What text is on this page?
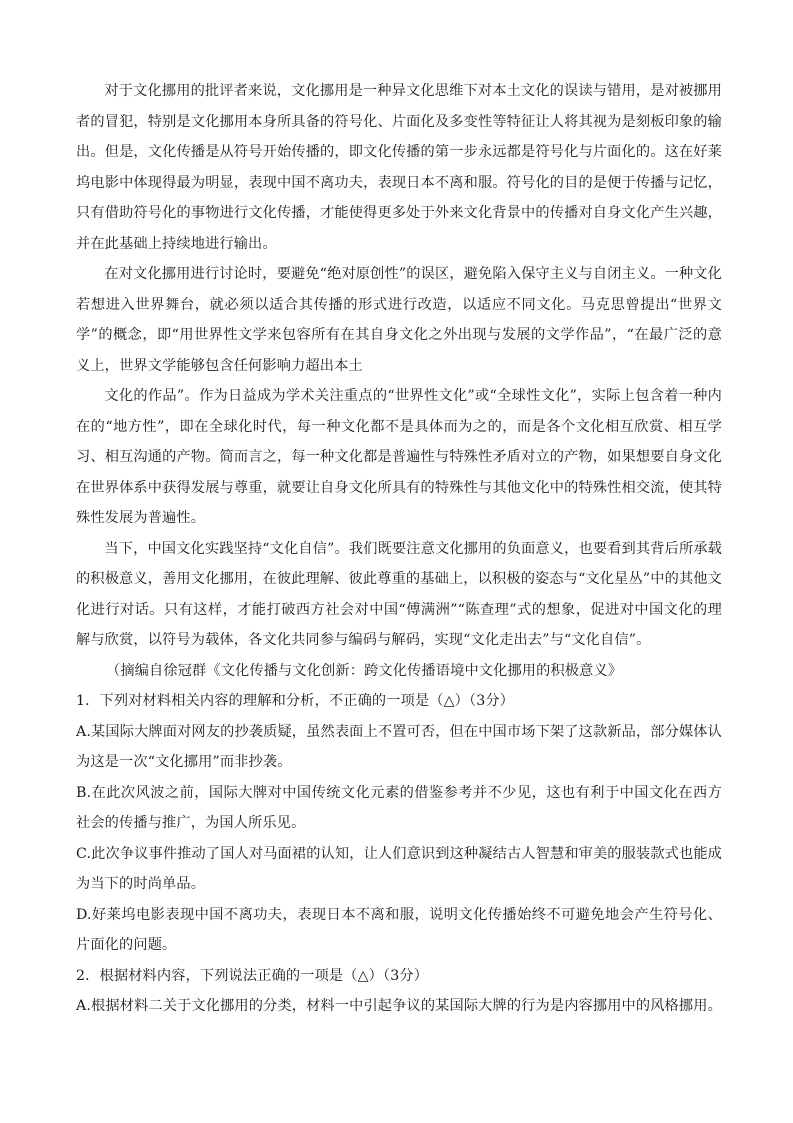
对于文化挪用的批评者来说，文化挪用是一种异文化思维下对本土文化的误读与错用，是对被挪用者的冒犯，特别是文化挪用本身所具备的符号化、片面化及多变性等特征让人将其视为是刻板印象的输出。但是，文化传播是从符号开始传播的，即文化传播的第一步永远都是符号化与片面化的。这在好莱坞电影中体现得最为明显，表现中国不离功夫，表现日本不离和服。符号化的目的是便于传播与记忆，只有借助符号化的事物进行文化传播，才能使得更多处于外来文化背景中的传播对自身文化产生兴趣，并在此基础上持续地进行输出。

在对文化挪用进行讨论时，要避免“绝对原创性”的误区，避免陷入保守主义与自闭主义。一种文化若想进入世界舞台，就必须以适合其传播的形式进行改造，以适应不同文化。马克思曾提出“世界文学”的概念，即“用世界性文学来包容所有在其自身文化之外出现与发展的文学作品”，“在最广泛的意义上，世界文学能够包含任何影响力超出本土

文化的作品”。作为日益成为学术关注重点的“世界性文化”或“全球性文化”，实际上包含着一种内在的“地方性”，即在全球化时代，每一种文化都不是具体而为之的，而是各个文化相互欣赏、相互学习、相互沟通的产物。简而言之，每一种文化都是普遍性与特殊性矛盾对立的产物，如果想要自身文化在世界体系中获得发展与尊重，就要让自身文化所具有的特殊性与其他文化中的特殊性相交流，使其特殊性发展为普遍性。

当下，中国文化实践坚持“文化自信”。我们既要注意文化挪用的负面意义，也要看到其背后所承载的积极意义，善用文化挪用，在彼此理解、彼此尊重的基础上，以积极的姿态与“文化星丛”中的其他文化进行对话。只有这样，才能打破西方社会对中国“傅满洲”“陈查理”式的想象，促进对中国文化的理解与欣赏，以符号为载体，各文化共同参与编码与解码，实现“文化走出去”与“文化自信”。

（摘编自徐冠群《文化传播与文化创新：跨文化传播语境中文化挪用的积极意义》

1．下列对材料相关内容的理解和分析，不正确的一项是（△）（3分）

A.某国际大牌面对网友的抄袭质疑，虽然表面上不置可否，但在中国市场下架了这款新品，部分媒体认为这是一次“文化挪用”而非抄袭。

B.在此次风波之前，国际大牌对中国传统文化元素的借鉴参考并不少见，这也有利于中国文化在西方社会的传播与推广，为国人所乐见。

C.此次争议事件推动了国人对马面裙的认知，让人们意识到这种凝结古人智慧和审美的服装款式也能成为当下的时尚单品。

D.好莱坞电影表现中国不离功夫，表现日本不离和服，说明文化传播始终不可避免地会产生符号化、片面化的问题。

2．根据材料内容，下列说法正确的一项是（△）（3分）

A.根据材料二关于文化挪用的分类，材料一中引起争议的某国际大牌的行为是内容挪用中的风格挪用。
